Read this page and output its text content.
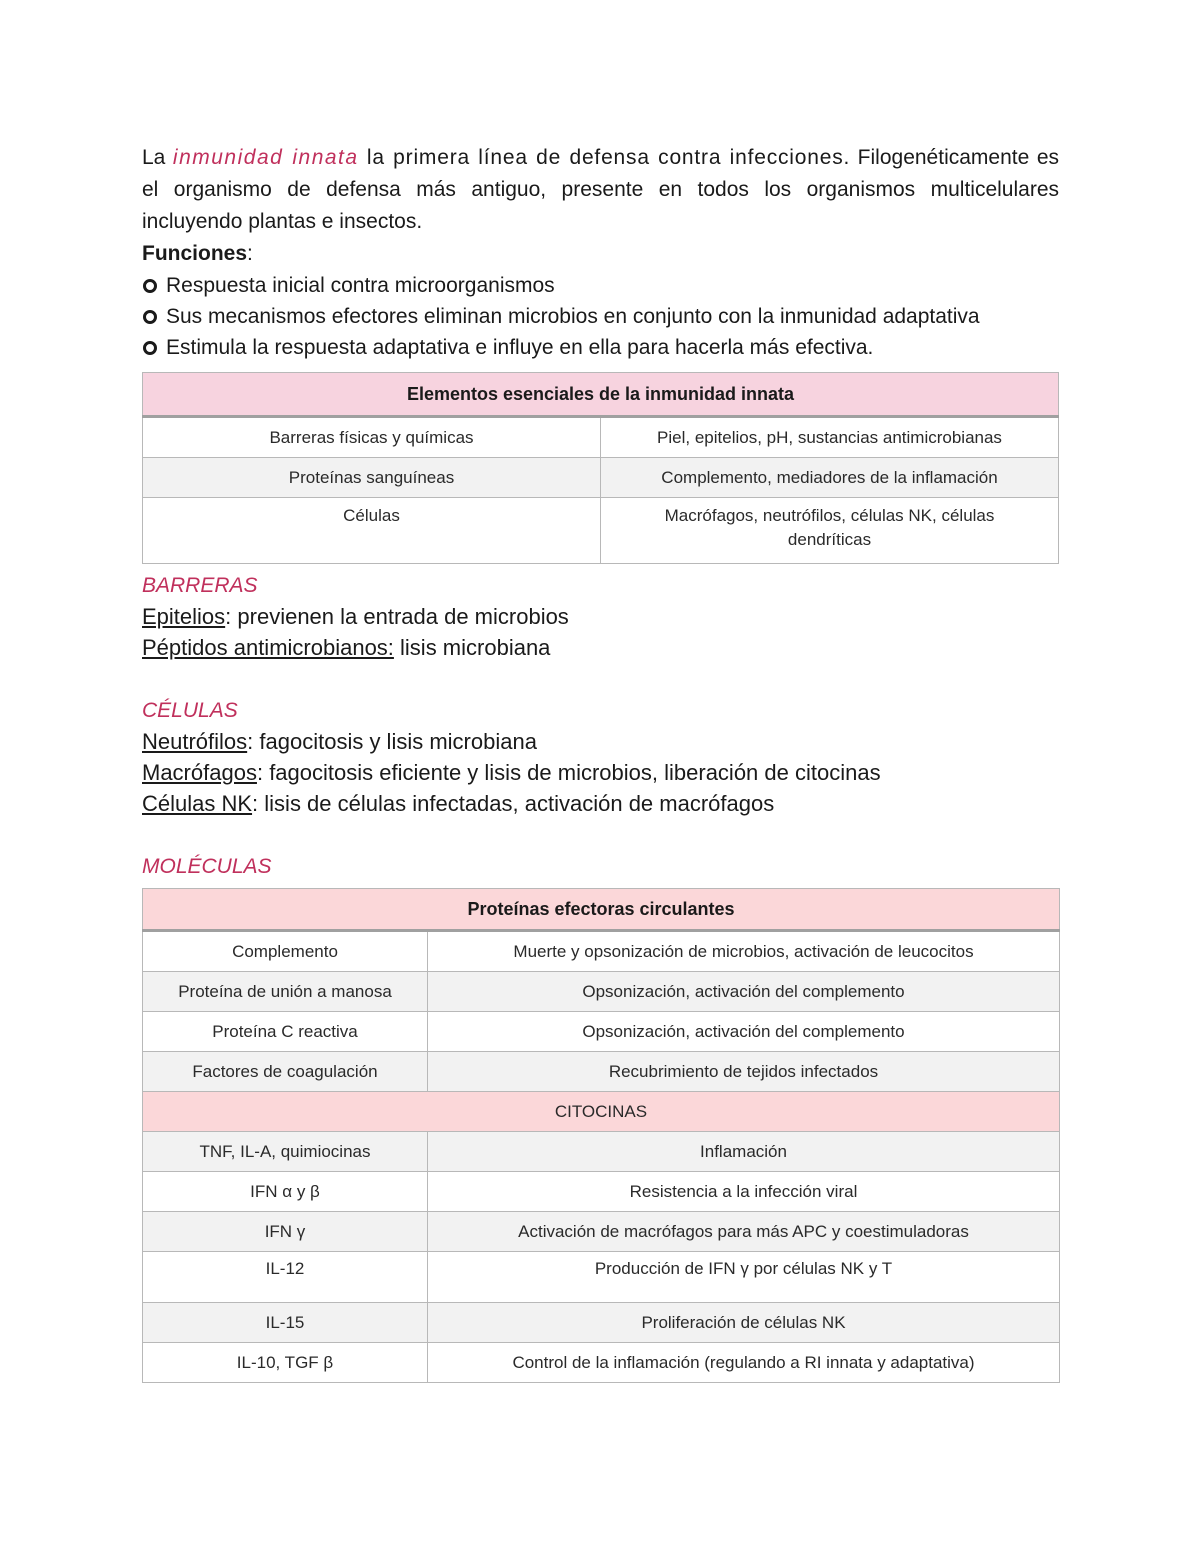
La inmunidad innata la primera línea de defensa contra infecciones. Filogenéticamente es el organismo de defensa más antiguo, presente en todos los organismos multicelulares incluyendo plantas e insectos.

Funciones:

Respuesta inicial contra microorganismos
Sus mecanismos efectores eliminan microbios en conjunto con la inmunidad adaptativa
Estimula la respuesta adaptativa e influye en ella para hacerla más efectiva.
Elementos esenciales de la inmunidad innata	
Barreras físicas y químicas	Piel, epitelios, pH, sustancias antimicrobianas
Proteínas sanguíneas	Complemento, mediadores de la inflamación
Células	Macrófagos, neutrófilos, células NK, células dendríticas

BARRERAS

Epitelios: previenen la entrada de microbios

Péptidos antimicrobianos: lisis microbiana

CÉLULAS

Neutrófilos: fagocitosis y lisis microbiana

Macrófagos: fagocitosis eficiente y lisis de microbios, liberación de citocinas

Células NK: lisis de células infectadas, activación de macrófagos

MOLÉCULAS

Proteínas efectoras circulantes	
Complemento	Muerte y opsonización de microbios, activación de leucocitos
Proteína de unión a manosa	Opsonización, activación del complemento
Proteína C reactiva	Opsonización, activación del complemento
Factores de coagulación	Recubrimiento de tejidos infectados
CITOCINAS	
TNF, IL-A, quimiocinas	Inflamación
IFN α y β	Resistencia a la infección viral
IFN γ	Activación de macrófagos para más APC y coestimuladoras
IL-12	Producción de IFN γ por células NK y T
IL-15	Proliferación de células NK
IL-10, TGF β	Control de la inflamación (regulando a RI innata y adaptativa)
